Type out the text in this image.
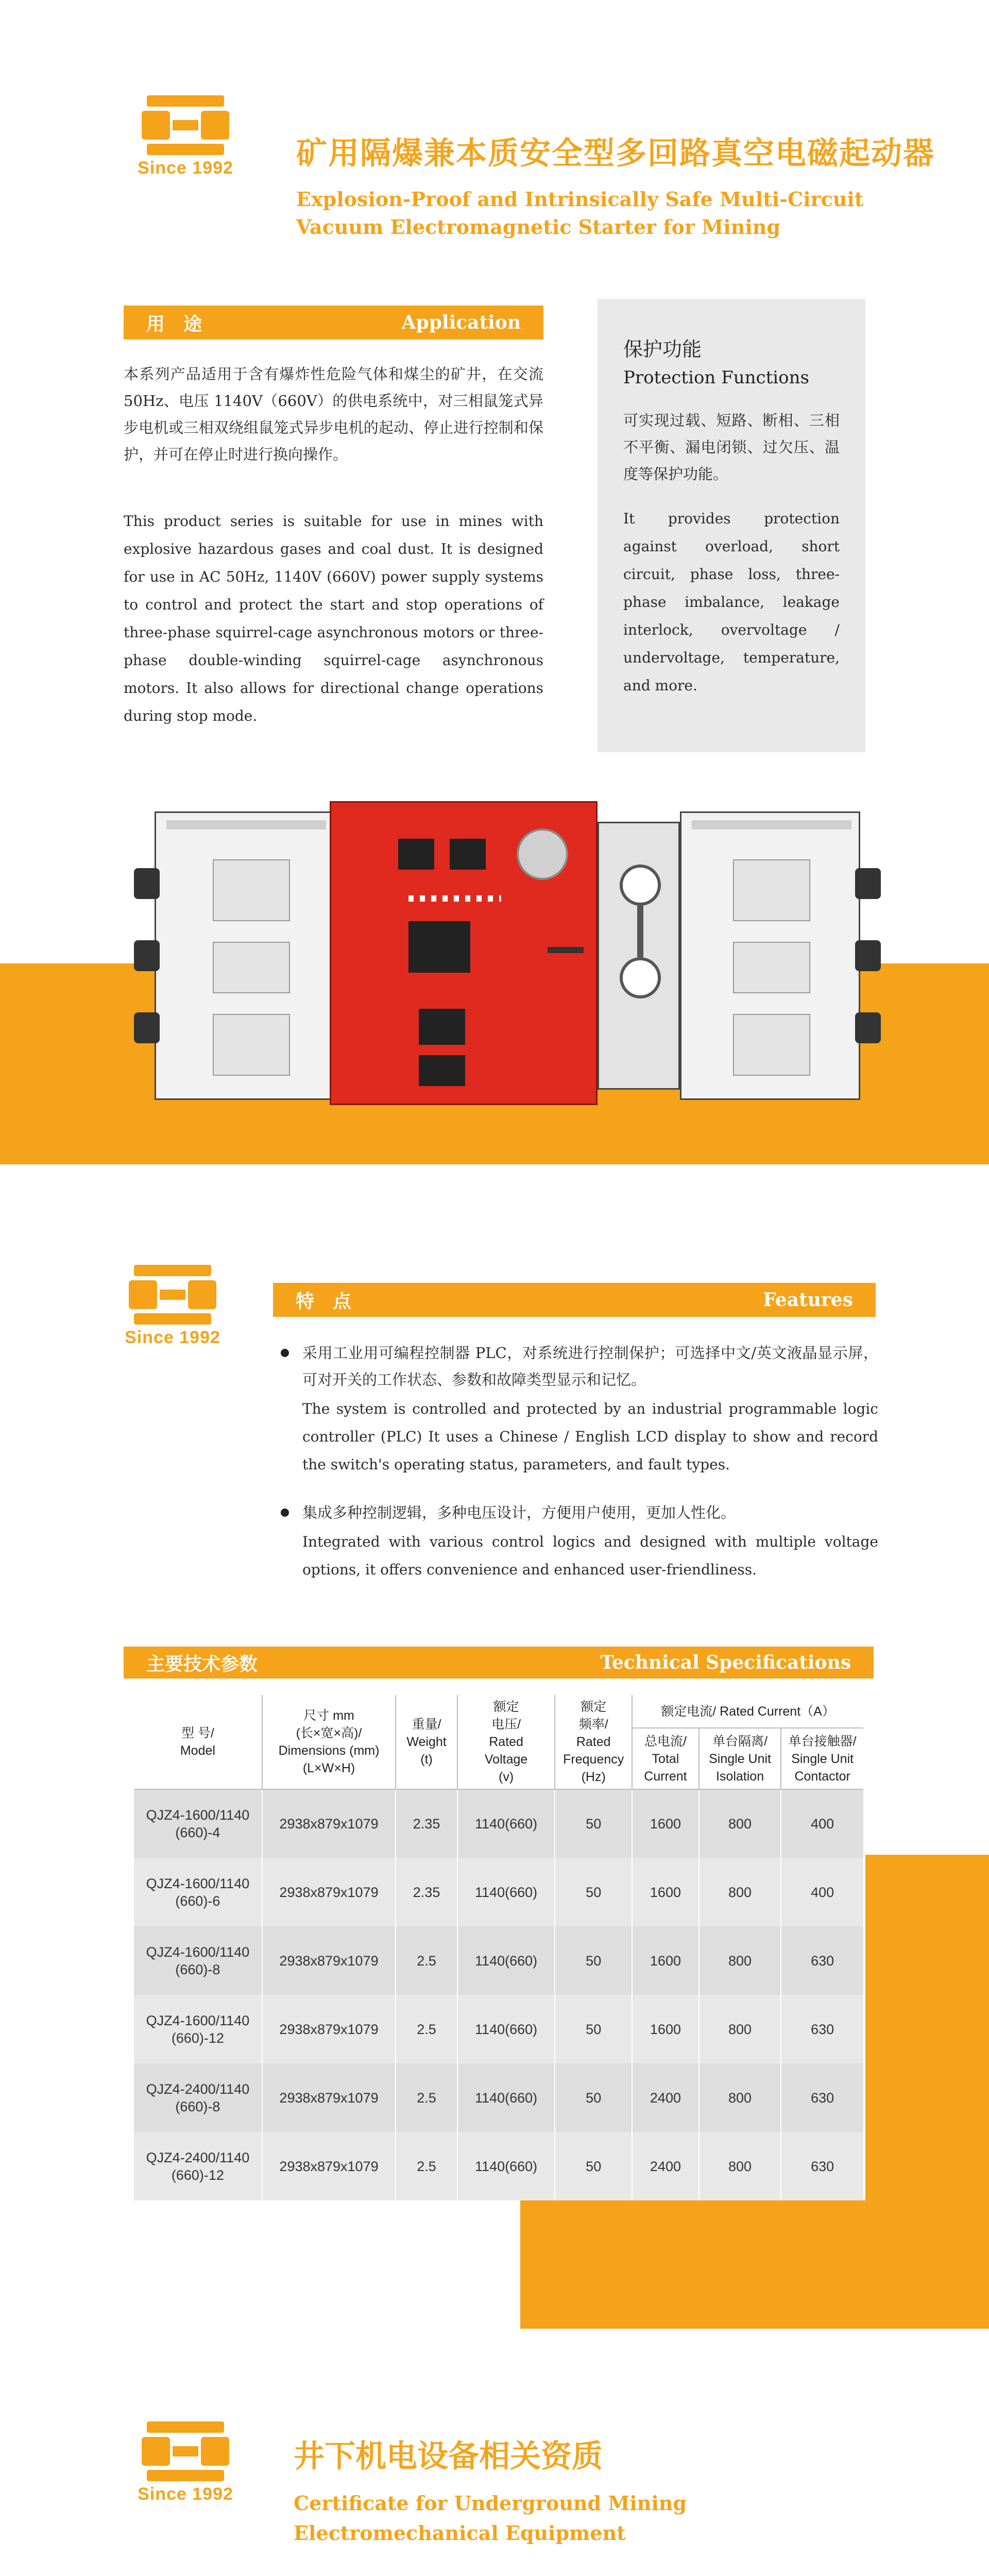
Since 1992 矿用隔爆兼本质安全型多回路真空电磁起动器
Explosion-Proof and Intrinsically Safe Multi-Circuit
Vacuum Electromagnetic Starter for Mining
用　途	Application
本系列产品适用于含有爆炸性危险气体和煤尘的矿井，在交流 50Hz、电压 1140V（660V）的供电系统中，对三相鼠笼式异步电机或三相双绕组鼠笼式异步电机的起动、停止进行控制和保护，并可在停止时进行换向操作。
This product series is suitable for use in mines with explosive hazardous gases and coal dust. It is designed for use in AC 50Hz, 1140V (660V) power supply systems to control and protect the start and stop operations of three-phase squirrel-cage asynchronous motors or three-phase double-winding squirrel-cage asynchronous motors. It also allows for directional change operations during stop mode.
保护功能
Protection Functions
可实现过载、短路、断相、三相不平衡、漏电闭锁、过欠压、温度等保护功能。
It provides protection against overload, short circuit, phase loss, three-phase imbalance, leakage interlock, overvoltage / undervoltage, temperature, and more.
Since 1992
特　点	Features
采用工业用可编程控制器 PLC，对系统进行控制保护；可选择中文/英文液晶显示屏，可对开关的工作状态、参数和故障类型显示和记忆。
The system is controlled and protected by an industrial programmable logic controller (PLC) It uses a Chinese / English LCD display to show and record the switch's operating status, parameters, and fault types.
集成多种控制逻辑，多种电压设计，方便用户使用，更加人性化。
Integrated with various control logics and designed with multiple voltage options, it offers convenience and enhanced user-friendliness.
主要技术参数	Technical Specifications
型 号/
Model	尺寸 mm
(长×宽×高)/
Dimensions (mm)
(L×W×H)	重量/
Weight
(t)	额定
电压/
Rated
Voltage
(v)	额定
频率/
Rated
Frequency
(Hz)	额定电流/ Rated Current（A）		
					总电流/
Total
Current	单台隔离/
Single Unit
Isolation	单台接触器/
Single Unit
Contactor
QJZ4-1600/1140
(660)-4	2938x879x1079	2.35	1140(660)	50	1600	800	400
QJZ4-1600/1140
(660)-6	2938x879x1079	2.35	1140(660)	50	1600	800	400
QJZ4-1600/1140
(660)-8	2938x879x1079	2.5	1140(660)	50	1600	800	630
QJZ4-1600/1140
(660)-12	2938x879x1079	2.5	1140(660)	50	1600	800	630
QJZ4-2400/1140
(660)-8	2938x879x1079	2.5	1140(660)	50	2400	800	630
QJZ4-2400/1140
(660)-12	2938x879x1079	2.5	1140(660)	50	2400	800	630
Since 1992
井下机电设备相关资质
Certificate for Underground Mining
Electromechanical Equipment
